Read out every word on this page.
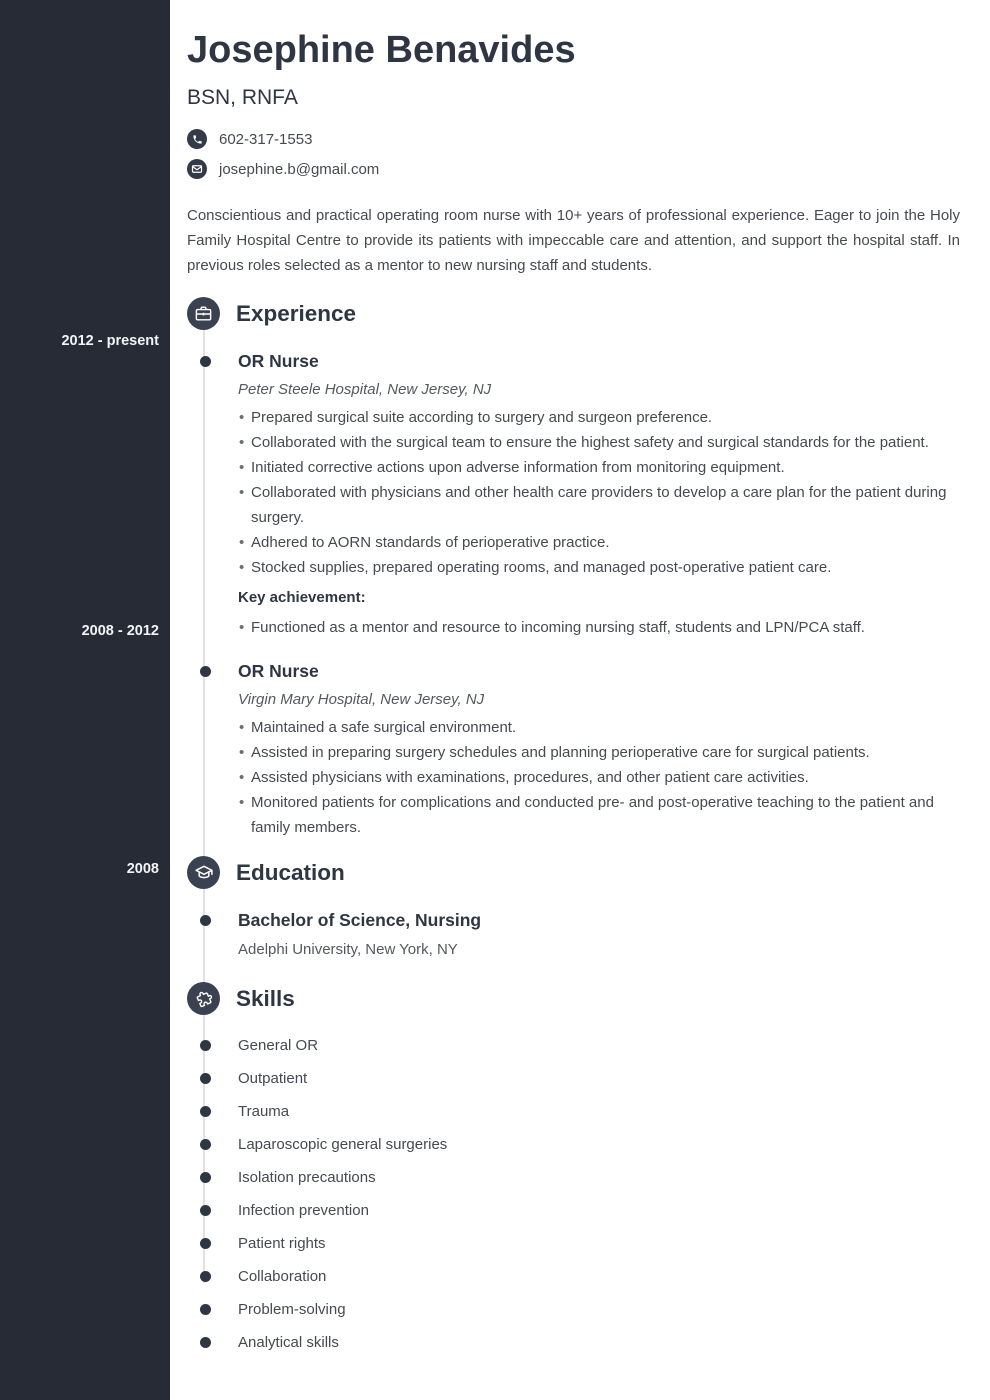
2012 - present
2008 - 2012
2008
Josephine Benavides
BSN, RNFA
602-317-1553
josephine.b@gmail.com

Conscientious and practical operating room nurse with 10+ years of professional experience. Eager to join the Holy Family Hospital Centre to provide its patients with impeccable care and attention, and support the hospital staff. In previous roles selected as a mentor to new nursing staff and students.

Experience
OR Nurse
Peter Steele Hospital, New Jersey, NJ
• Prepared surgical suite according to surgery and surgeon preference.
• Collaborated with the surgical team to ensure the highest safety and surgical standards for the patient.
• Initiated corrective actions upon adverse information from monitoring equipment.
• Collaborated with physicians and other health care providers to develop a care plan for the patient during surgery.
• Adhered to AORN standards of perioperative practice.
• Stocked supplies, prepared operating rooms, and managed post-operative patient care.
Key achievement:
• Functioned as a mentor and resource to incoming nursing staff, students and LPN/PCA staff.
OR Nurse
Virgin Mary Hospital, New Jersey, NJ
• Maintained a safe surgical environment.
• Assisted in preparing surgery schedules and planning perioperative care for surgical patients.
• Assisted physicians with examinations, procedures, and other patient care activities.
• Monitored patients for complications and conducted pre- and post-operative teaching to the patient and family members.
Education
Bachelor of Science, Nursing
Adelphi University, New York, NY
Skills
General OR
Outpatient
Trauma
Laparoscopic general surgeries
Isolation precautions
Infection prevention
Patient rights
Collaboration
Problem-solving
Analytical skills
